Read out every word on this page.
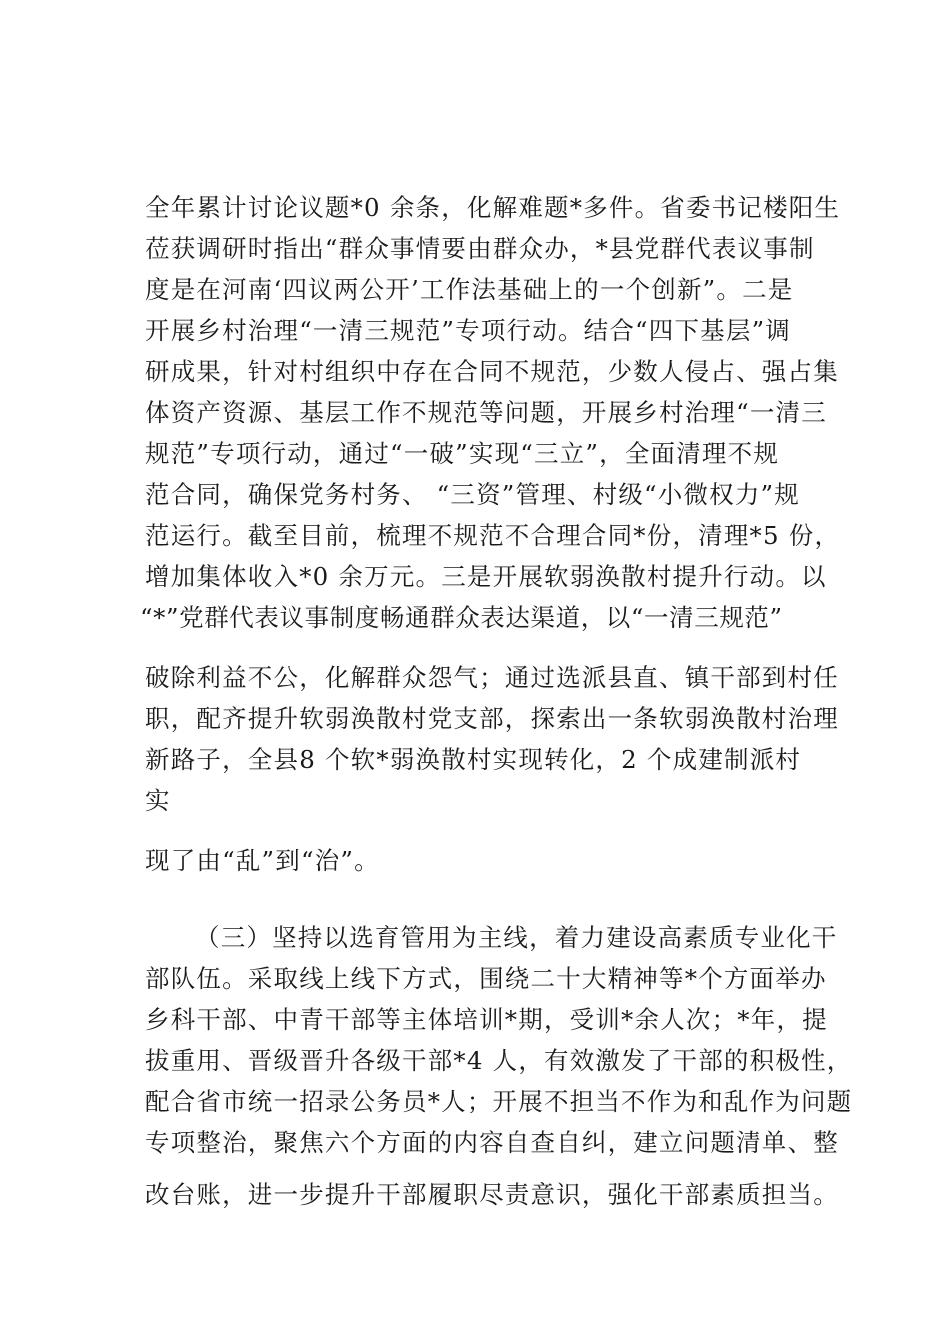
全年累计讨论议题*0 余条，化解难题*多件。省委书记楼阳生
莅获调研时指出“群众事情要由群众办，*县党群代表议事制
度是在河南‘四议两公开’工作法基础上的一个创新”。二是
开展乡村治理“一清三规范”专项行动。结合“四下基层”调
研成果，针对村组织中存在合同不规范，少数人侵占、强占集
体资产资源、基层工作不规范等问题，开展乡村治理“一清三
规范”专项行动，通过“一破”实现“三立”，全面清理不规
范合同，确保党务村务、 “三资”管理、村级“小微权力”规
范运行。截至目前，梳理不规范不合理合同*份，清理*5 份，
增加集体收入*0 余万元。三是开展软弱涣散村提升行动。以
“*”党群代表议事制度畅通群众表达渠道，以“一清三规范”
破除利益不公，化解群众怨气；通过选派县直、镇干部到村任
职，配齐提升软弱涣散村党支部，探索出一条软弱涣散村治理
新路子，全县8 个软*弱涣散村实现转化，2 个成建制派村
实
现了由“乱”到“治”。
（三）坚持以选育管用为主线，着力建设高素质专业化干
部队伍。采取线上线下方式，围绕二十大精神等*个方面举办
乡科干部、中青干部等主体培训*期，受训*余人次；*年，提
拔重用、晋级晋升各级干部*4 人，有效激发了干部的积极性，
配合省市统一招录公务员*人；开展不担当不作为和乱作为问题
专项整治，聚焦六个方面的内容自查自纠，建立问题清单、整
改台账，进一步提升干部履职尽责意识，强化干部素质担当。
